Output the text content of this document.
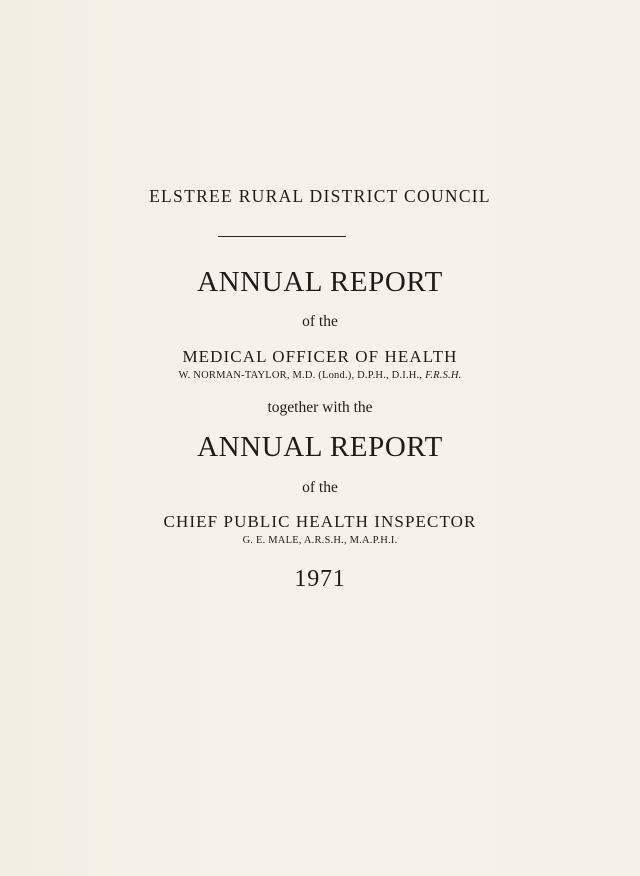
ELSTREE RURAL DISTRICT COUNCIL
ANNUAL REPORT
of the
MEDICAL OFFICER OF HEALTH
W. NORMAN-TAYLOR, M.D. (Lond.), D.P.H., D.I.H., F.R.S.H.
together with the
ANNUAL REPORT
of the
CHIEF PUBLIC HEALTH INSPECTOR
G. E. MALE, A.R.S.H., M.A.P.H.I.
1971
